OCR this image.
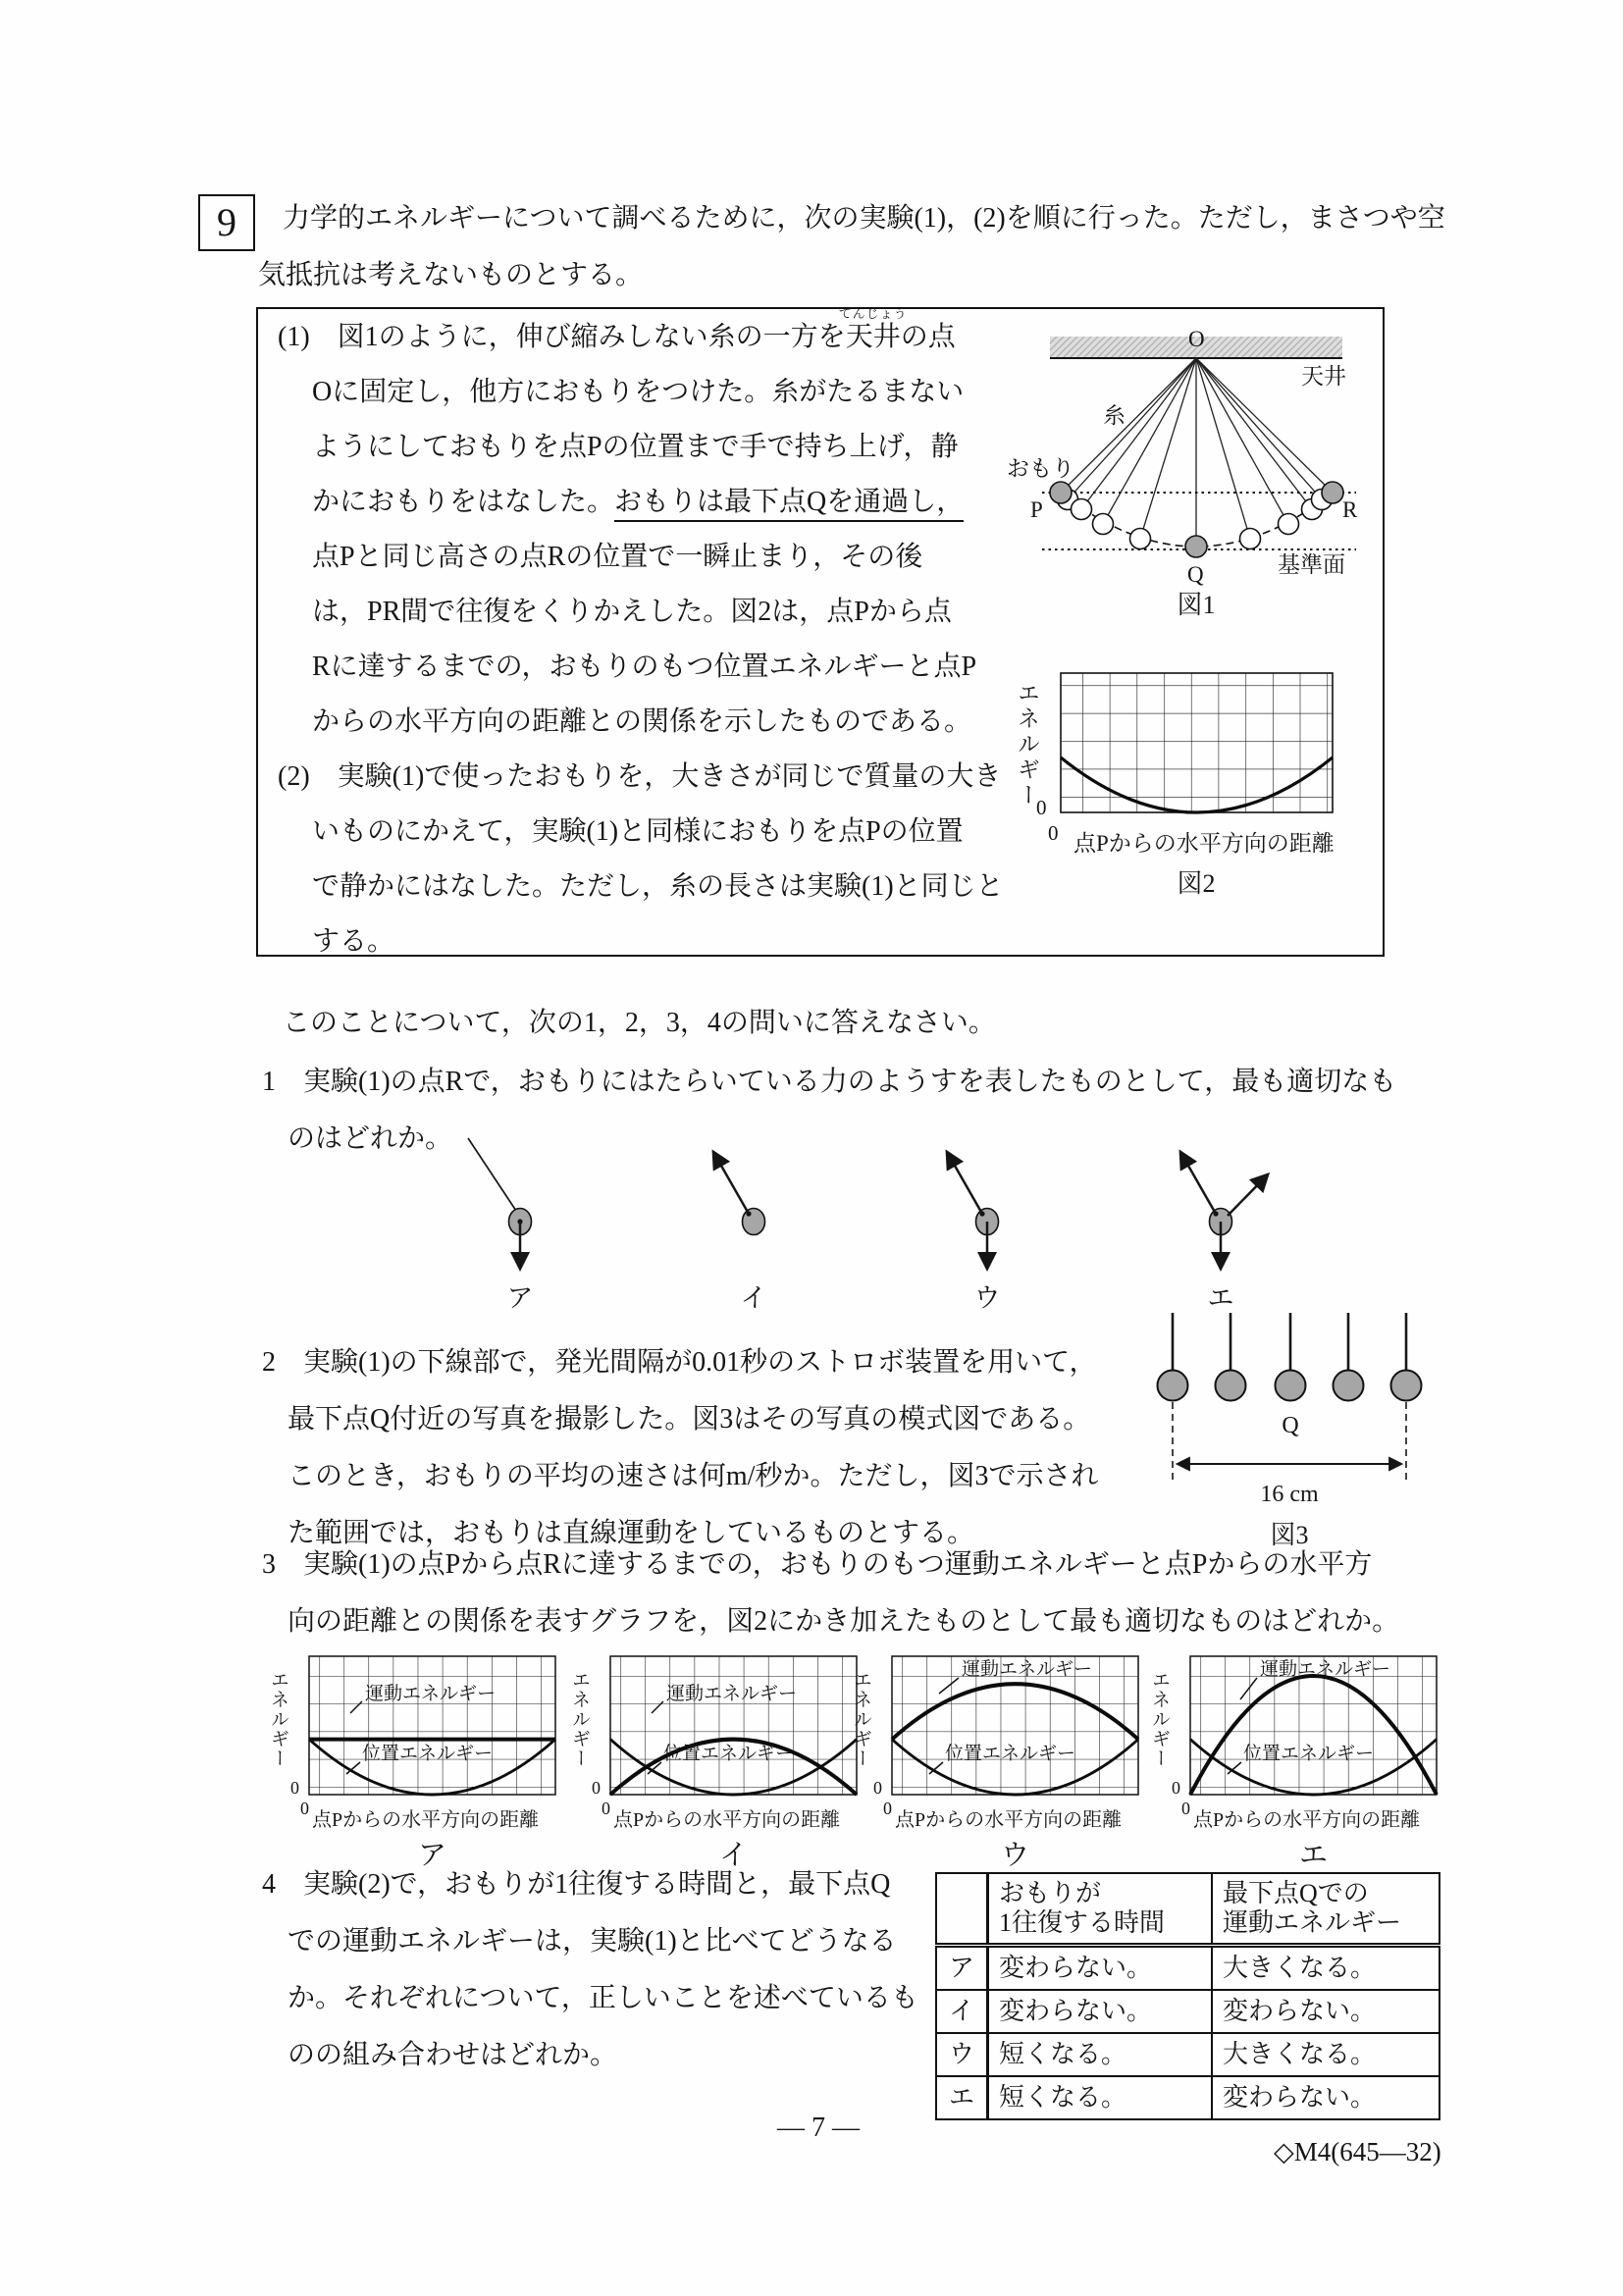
9	力学的エネルギーについて調べるために，次の実験(1)，(2)を順に行った。ただし，まさつや空
気抵抗は考えないものとする。
(1)　 図1のように，伸び縮みしない糸の一方を天井
てんじょう
の点
Oに固定し，他方におもりをつけた。糸がたるまない
ようにしておもりを点Pの位置まで手で持ち上げ，静
かにおもりをはなした。おもりは最下点Qを通過し，
点Pと同じ高さの点Rの位置で一瞬止まり，その後
は，PR間で往復をくりかえした。図2は，点Pから点
Rに達するまでの，おもりのもつ位置エネルギーと点P
からの水平方向の距離との関係を示したものである。
(2)　 実験(1)で使ったおもりを，大きさが同じで質量の大き
いものにかえて，実験(1)と同様におもりを点Pの位置
で静かにはなした。ただし，糸の長さは実験(1)と同じと
する。
O
天井
糸
おもり
P	R
Q	基準面
図1
エネルギー
0
0 点Pからの水平方向の距離
図2
このことについて，次の1，2，3，4の問いに答えなさい。
1　 実験(1)の点Rで，おもりにはたらいている力のようすを表したものとして，最も適切なも
のはどれか。
ア	イ	ウ	エ
2　 実験(1)の下線部で，発光間隔が0.01秒のストロボ装置を用いて，
最下点Q付近の写真を撮影した。図3はその写真の模式図である。
このとき，おもりの平均の速さは何m/秒か。ただし，図3で示され
た範囲では，おもりは直線運動をしているものとする。
Q
16 cm
図3
3　 実験(1)の点Pから点Rに達するまでの，おもりのもつ運動エネルギーと点Pからの水平方
向の距離との関係を表すグラフを，図2にかき加えたものとして最も適切なものはどれか。
エネルギー
0
0
運動エネルギー
位置エネルギー
点Pからの水平方向の距離
ア
エネルギー
0
0
運動エネルギー
位置エネルギー
点Pからの水平方向の距離
イ
エネルギー
0
0
運動エネルギー
位置エネルギー
点Pからの水平方向の距離
ウ
エネルギー
0
0
運動エネルギー
位置エネルギー
点Pからの水平方向の距離
エ
4　 実験(2)で，おもりが1往復する時間と，最下点Q
での運動エネルギーは，実験(1)と比べてどうなる
か。それぞれについて，正しいことを述べているも
のの組み合わせはどれか。
	おもりが
1往復する時間	最下点Qでの
運動エネルギー
ア	変わらない。	大きくなる。
イ	変わらない。	変わらない。
ウ	短くなる。	大きくなる。
エ	短くなる。	変わらない。
— 7 —
◇M4(645—32)
